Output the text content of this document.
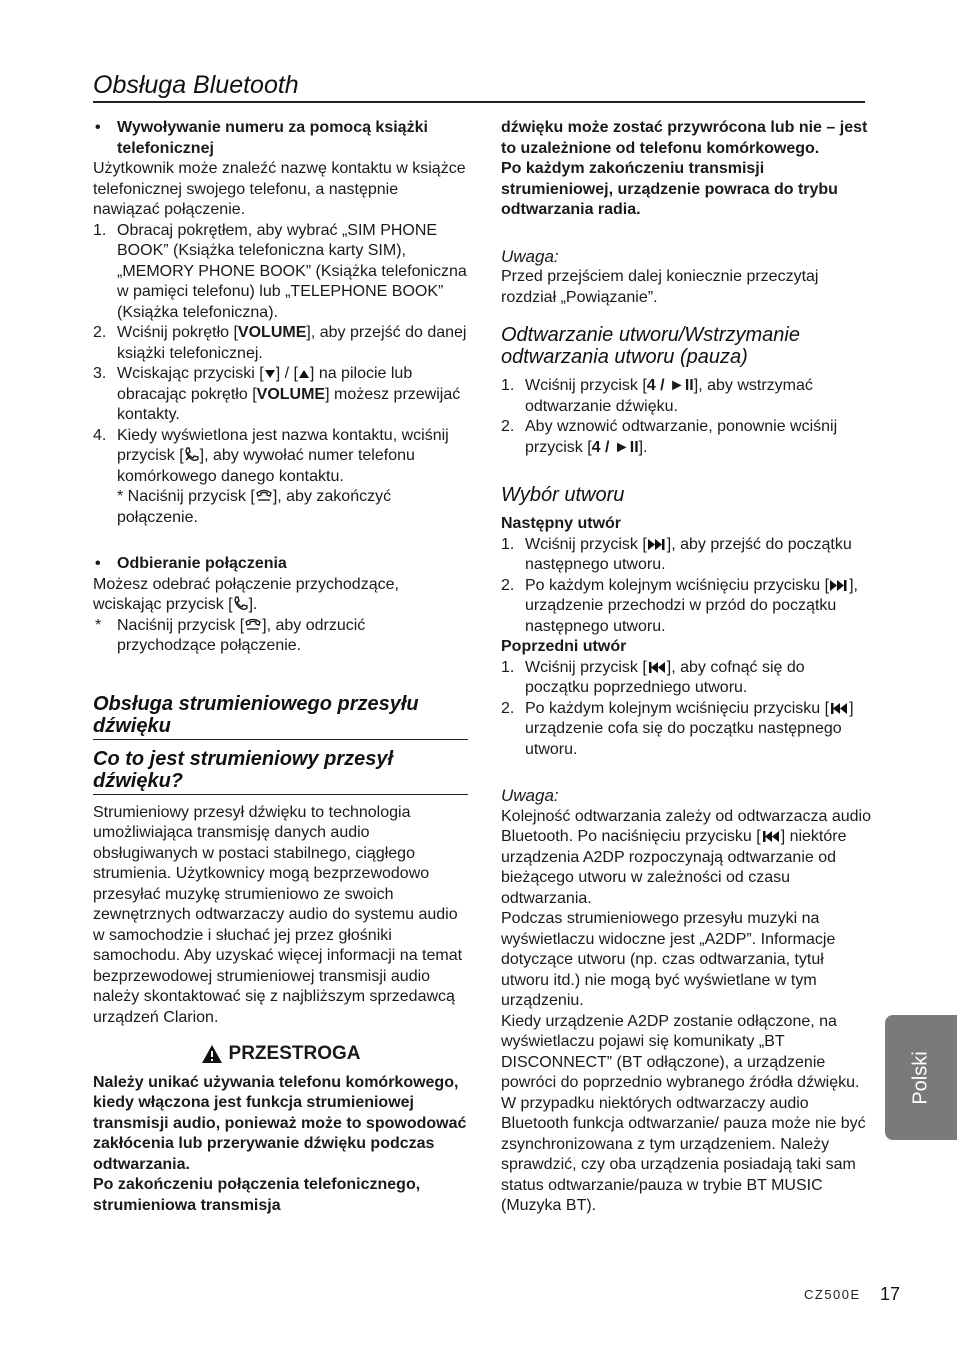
Obsługa Bluetooth

• Wywoływanie numeru za pomocą książki telefonicznej

Użytkownik może znaleźć nazwę kontaktu w książce telefonicznej swojego telefonu, a następnie nawiązać połączenie.

1. Obracaj pokrętłem, aby wybrać „SIM PHONE BOOK” (Książka telefoniczna karty SIM), „MEMORY PHONE BOOK” (Książka telefoniczna w pamięci telefonu) lub „TELEPHONE BOOK” (Książka telefoniczna).

2. Wciśnij pokrętło [VOLUME], aby przejść do danej książki telefonicznej.

3. Wciskając przyciski [ ] / [ ] na pilocie lub obracając pokrętło [VOLUME] możesz przewijać kontakty.

4. Kiedy wyświetlona jest nazwa kontaktu, wciśnij przycisk [ ], aby wywołać numer telefonu komórkowego danego kontaktu.

* Naciśnij przycisk [ ], aby zakończyć połączenie.

• Odbieranie połączenia

Możesz odebrać połączenie przychodzące, wciskając przycisk [ ].

* Naciśnij przycisk [ ], aby odrzucić przychodzące połączenie.

Obsługa strumieniowego przesyłu dźwięku

Co to jest strumieniowy przesył dźwięku?

Strumieniowy przesył dźwięku to technologia umożliwiająca transmisję danych audio obsługiwanych w postaci stabilnego, ciągłego strumienia. Użytkownicy mogą bezprzewodowo przesyłać muzykę strumieniowo ze swoich zewnętrznych odtwarzaczy audio do systemu audio w samochodzie i słuchać jej przez głośniki samochodu. Aby uzyskać więcej informacji na temat bezprzewodowej strumieniowej transmisji audio należy skontaktować się z najbliższym sprzedawcą urządzeń Clarion.

PRZESTROGA

Należy unikać używania telefonu komórkowego, kiedy włączona jest funkcja strumieniowej transmisji audio, ponieważ może to spowodować zakłócenia lub przerywanie dźwięku podczas odtwarzania.

Po zakończeniu połączenia telefonicznego, strumieniowa transmisja

dźwięku może zostać przywrócona lub nie – jest to uzależnione od telefonu komórkowego.

Po każdym zakończeniu transmisji strumieniowej, urządzenie powraca do trybu odtwarzania radia.

Uwaga:

Przed przejściem dalej koniecznie przeczytaj rozdział „Powiązanie”.

Odtwarzanie utworu/Wstrzymanie odtwarzania utworu (pauza)

1. Wciśnij przycisk [4 / ►II], aby wstrzymać odtwarzanie dźwięku.

2. Aby wznowić odtwarzanie, ponownie wciśnij przycisk [4 / ►II].

Wybór utworu

Następny utwór

1. Wciśnij przycisk [ ], aby przejść do początku następnego utworu.

2. Po każdym kolejnym wciśnięciu przycisku [ ], urządzenie przechodzi w przód do początku następnego utworu.

Poprzedni utwór

1. Wciśnij przycisk [ ], aby cofnąć się do początku poprzedniego utworu.

2. Po każdym kolejnym wciśnięciu przycisku [ ] urządzenie cofa się do początku następnego utworu.

Uwaga:

Kolejność odtwarzania zależy od odtwarzacza audio Bluetooth. Po naciśnięciu przycisku [ ] niektóre urządzenia A2DP rozpoczynają odtwarzanie od bieżącego utworu w zależności od czasu odtwarzania.

Podczas strumieniowego przesyłu muzyki na wyświetlaczu widoczne jest „A2DP”. Informacje dotyczące utworu (np. czas odtwarzania, tytuł utworu itd.) nie mogą być wyświetlane w tym urządzeniu.

Kiedy urządzenie A2DP zostanie odłączone, na wyświetlaczu pojawi się komunikaty „BT DISCONNECT” (BT odłączone), a urządzenie powróci do poprzednio wybranego źródła dźwięku.

W przypadku niektórych odtwarzaczy audio Bluetooth funkcja odtwarzanie/ pauza może nie być zsynchronizowana z tym urządzeniem. Należy sprawdzić, czy oba urządzenia posiadają taki sam status odtwarzanie/pauza w trybie BT MUSIC (Muzyka BT).

Polski
CZ500E 17
